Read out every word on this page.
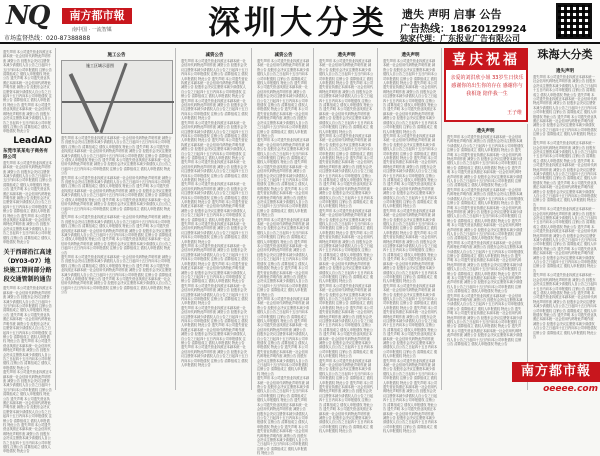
NQ	南方都市報
南中国 · 一流智媒
市场监督热线：020-87388888	深圳大分类 遗失 声明 启事 公告
广告热线：18620129924
独家代理：广东报业广告有限公司
遗失声明 本公司遗失营业执照正本副本统一社会信用代码特此声明作废 减资公告 经股东会决议注册资本减少请债权人自公告之日起四十五日内向本公司申报债权 注销公告 清算组成立 债权人申报债权 特此公告 遗失声明 本公司遗失营业执照正本副本统一社会信用代码特此声明作废 减资公告 经股东会决议注册资本减少请债权人自公告之日起四十五日内向本公司申报债权 注销公告 清算组成立 债权人申报债权 特此公告 遗失声明 本公司遗失营业执照正本副本统一社会信用代码特此声明作废 减资公告 经股东会决议注册资本减少请债权人自公告之日起四十五日内向本公司申报债权 注销公告 清算组成立 债权人申报债权 特此公告
LeadAD
东莞市某某电子商务有限公司
遗失声明 本公司遗失营业执照正本副本统一社会信用代码特此声明作废 减资公告 经股东会决议注册资本减少请债权人自公告之日起四十五日内向本公司申报债权 注销公告 清算组成立 债权人申报债权 特此公告 遗失声明 本公司遗失营业执照正本副本统一社会信用代码特此声明作废 减资公告 经股东会决议注册资本减少请债权人自公告之日起四十五日内向本公司申报债权 注销公告 清算组成立 债权人申报债权 特此公告 遗失声明 本公司遗失营业执照正本副本统一社会信用代码特此声明作废 减资公告 经股东会决议注册资本减少请债权人自公告之日起四十五日内向本公司申报债权 注销公告 清算组成立 债权人申报债权 特此公告
关于西部沿江高速（DY03-07）地块施工期间部分路段交通管制的通告
遗失声明 本公司遗失营业执照正本副本统一社会信用代码特此声明作废 减资公告 经股东会决议注册资本减少请债权人自公告之日起四十五日内向本公司申报债权 注销公告 清算组成立 债权人申报债权 特此公告 遗失声明 本公司遗失营业执照正本副本统一社会信用代码特此声明作废 减资公告 经股东会决议注册资本减少请债权人自公告之日起四十五日内向本公司申报债权 注销公告 清算组成立 债权人申报债权 特此公告 遗失声明 本公司遗失营业执照正本副本统一社会信用代码特此声明作废 减资公告 经股东会决议注册资本减少请债权人自公告之日起四十五日内向本公司申报债权 注销公告 清算组成立 债权人申报债权 特此公告
遗失声明 本公司遗失营业执照正本副本统一社会信用代码特此声明作废 减资公告 经股东会决议注册资本减少请债权人自公告之日起四十五日内向本公司申报债权 注销公告 清算组成立 债权人申报债权 特此公告 遗失声明 本公司遗失营业执照正本副本统一社会信用代码特此声明作废 减资公告 经股东会决议注册资本减少请债权人自公告之日起四十五日内向本公司申报债权 注销公告 清算组成立 债权人申报债权 特此公告 遗失声明 本公司遗失营业执照正本副本统一社会信用代码特此声明作废 减资公告 经股东会决议注册资本减少请债权人自公告之日起四十五日内向本公司申报债权 注销公告 清算组成立 债权人申报债权 特此公告
施工公告
施工区域示意图
遗失声明 本公司遗失营业执照正本副本统一社会信用代码特此声明作废 减资公告 经股东会决议注册资本减少请债权人自公告之日起四十五日内向本公司申报债权 注销公告 清算组成立 债权人申报债权 特此公告 遗失声明 本公司遗失营业执照正本副本统一社会信用代码特此声明作废 减资公告 经股东会决议注册资本减少请债权人自公告之日起四十五日内向本公司申报债权 注销公告 清算组成立 债权人申报债权 特此公告 遗失声明 本公司遗失营业执照正本副本统一社会信用代码特此声明作废 减资公告 经股东会决议注册资本减少请债权人自公告之日起四十五日内向本公司申报债权 注销公告 清算组成立 债权人申报债权 特此公告
遗失声明 本公司遗失营业执照正本副本统一社会信用代码特此声明作废 减资公告 经股东会决议注册资本减少请债权人自公告之日起四十五日内向本公司申报债权 注销公告 清算组成立 债权人申报债权 特此公告 遗失声明 本公司遗失营业执照正本副本统一社会信用代码特此声明作废 减资公告 经股东会决议注册资本减少请债权人自公告之日起四十五日内向本公司申报债权 注销公告 清算组成立 债权人申报债权 特此公告 遗失声明 本公司遗失营业执照正本副本统一社会信用代码特此声明作废 减资公告 经股东会决议注册资本减少请债权人自公告之日起四十五日内向本公司申报债权 注销公告 清算组成立 债权人申报债权 特此公告
遗失声明 本公司遗失营业执照正本副本统一社会信用代码特此声明作废 减资公告 经股东会决议注册资本减少请债权人自公告之日起四十五日内向本公司申报债权 注销公告 清算组成立 债权人申报债权 特此公告 遗失声明 本公司遗失营业执照正本副本统一社会信用代码特此声明作废 减资公告 经股东会决议注册资本减少请债权人自公告之日起四十五日内向本公司申报债权 注销公告 清算组成立 债权人申报债权 特此公告 遗失声明 本公司遗失营业执照正本副本统一社会信用代码特此声明作废 减资公告 经股东会决议注册资本减少请债权人自公告之日起四十五日内向本公司申报债权 注销公告 清算组成立 债权人申报债权 特此公告
遗失声明 本公司遗失营业执照正本副本统一社会信用代码特此声明作废 减资公告 经股东会决议注册资本减少请债权人自公告之日起四十五日内向本公司申报债权 注销公告 清算组成立 债权人申报债权 特此公告 遗失声明 本公司遗失营业执照正本副本统一社会信用代码特此声明作废 减资公告 经股东会决议注册资本减少请债权人自公告之日起四十五日内向本公司申报债权 注销公告 清算组成立 债权人申报债权 特此公告 遗失声明 本公司遗失营业执照正本副本统一社会信用代码特此声明作废 减资公告 经股东会决议注册资本减少请债权人自公告之日起四十五日内向本公司申报债权 注销公告 清算组成立 债权人申报债权 特此公告
减资公告
遗失声明 本公司遗失营业执照正本副本统一社会信用代码特此声明作废 减资公告 经股东会决议注册资本减少请债权人自公告之日起四十五日内向本公司申报债权 注销公告 清算组成立 债权人申报债权 特此公告 遗失声明 本公司遗失营业执照正本副本统一社会信用代码特此声明作废 减资公告 经股东会决议注册资本减少请债权人自公告之日起四十五日内向本公司申报债权 注销公告 清算组成立 债权人申报债权 特此公告 遗失声明 本公司遗失营业执照正本副本统一社会信用代码特此声明作废 减资公告 经股东会决议注册资本减少请债权人自公告之日起四十五日内向本公司申报债权 注销公告 清算组成立 债权人申报债权 特此公告
遗失声明 本公司遗失营业执照正本副本统一社会信用代码特此声明作废 减资公告 经股东会决议注册资本减少请债权人自公告之日起四十五日内向本公司申报债权 注销公告 清算组成立 债权人申报债权 特此公告 遗失声明 本公司遗失营业执照正本副本统一社会信用代码特此声明作废 减资公告 经股东会决议注册资本减少请债权人自公告之日起四十五日内向本公司申报债权 注销公告 清算组成立 债权人申报债权 特此公告 遗失声明 本公司遗失营业执照正本副本统一社会信用代码特此声明作废 减资公告 经股东会决议注册资本减少请债权人自公告之日起四十五日内向本公司申报债权 注销公告 清算组成立 债权人申报债权 特此公告
遗失声明 本公司遗失营业执照正本副本统一社会信用代码特此声明作废 减资公告 经股东会决议注册资本减少请债权人自公告之日起四十五日内向本公司申报债权 注销公告 清算组成立 债权人申报债权 特此公告 遗失声明 本公司遗失营业执照正本副本统一社会信用代码特此声明作废 减资公告 经股东会决议注册资本减少请债权人自公告之日起四十五日内向本公司申报债权 注销公告 清算组成立 债权人申报债权 特此公告 遗失声明 本公司遗失营业执照正本副本统一社会信用代码特此声明作废 减资公告 经股东会决议注册资本减少请债权人自公告之日起四十五日内向本公司申报债权 注销公告 清算组成立 债权人申报债权 特此公告
遗失声明 本公司遗失营业执照正本副本统一社会信用代码特此声明作废 减资公告 经股东会决议注册资本减少请债权人自公告之日起四十五日内向本公司申报债权 注销公告 清算组成立 债权人申报债权 特此公告 遗失声明 本公司遗失营业执照正本副本统一社会信用代码特此声明作废 减资公告 经股东会决议注册资本减少请债权人自公告之日起四十五日内向本公司申报债权 注销公告 清算组成立 债权人申报债权 特此公告 遗失声明 本公司遗失营业执照正本副本统一社会信用代码特此声明作废 减资公告 经股东会决议注册资本减少请债权人自公告之日起四十五日内向本公司申报债权 注销公告 清算组成立 债权人申报债权 特此公告
遗失声明 本公司遗失营业执照正本副本统一社会信用代码特此声明作废 减资公告 经股东会决议注册资本减少请债权人自公告之日起四十五日内向本公司申报债权 注销公告 清算组成立 债权人申报债权 特此公告 遗失声明 本公司遗失营业执照正本副本统一社会信用代码特此声明作废 减资公告 经股东会决议注册资本减少请债权人自公告之日起四十五日内向本公司申报债权 注销公告 清算组成立 债权人申报债权 特此公告 遗失声明 本公司遗失营业执照正本副本统一社会信用代码特此声明作废 减资公告 经股东会决议注册资本减少请债权人自公告之日起四十五日内向本公司申报债权 注销公告 清算组成立 债权人申报债权 特此公告
减资公告
遗失声明 本公司遗失营业执照正本副本统一社会信用代码特此声明作废 减资公告 经股东会决议注册资本减少请债权人自公告之日起四十五日内向本公司申报债权 注销公告 清算组成立 债权人申报债权 特此公告 遗失声明 本公司遗失营业执照正本副本统一社会信用代码特此声明作废 减资公告 经股东会决议注册资本减少请债权人自公告之日起四十五日内向本公司申报债权 注销公告 清算组成立 债权人申报债权 特此公告 遗失声明 本公司遗失营业执照正本副本统一社会信用代码特此声明作废 减资公告 经股东会决议注册资本减少请债权人自公告之日起四十五日内向本公司申报债权 注销公告 清算组成立 债权人申报债权 特此公告
遗失声明 本公司遗失营业执照正本副本统一社会信用代码特此声明作废 减资公告 经股东会决议注册资本减少请债权人自公告之日起四十五日内向本公司申报债权 注销公告 清算组成立 债权人申报债权 特此公告 遗失声明 本公司遗失营业执照正本副本统一社会信用代码特此声明作废 减资公告 经股东会决议注册资本减少请债权人自公告之日起四十五日内向本公司申报债权 注销公告 清算组成立 债权人申报债权 特此公告 遗失声明 本公司遗失营业执照正本副本统一社会信用代码特此声明作废 减资公告 经股东会决议注册资本减少请债权人自公告之日起四十五日内向本公司申报债权 注销公告 清算组成立 债权人申报债权 特此公告
遗失声明 本公司遗失营业执照正本副本统一社会信用代码特此声明作废 减资公告 经股东会决议注册资本减少请债权人自公告之日起四十五日内向本公司申报债权 注销公告 清算组成立 债权人申报债权 特此公告 遗失声明 本公司遗失营业执照正本副本统一社会信用代码特此声明作废 减资公告 经股东会决议注册资本减少请债权人自公告之日起四十五日内向本公司申报债权 注销公告 清算组成立 债权人申报债权 特此公告 遗失声明 本公司遗失营业执照正本副本统一社会信用代码特此声明作废 减资公告 经股东会决议注册资本减少请债权人自公告之日起四十五日内向本公司申报债权 注销公告 清算组成立 债权人申报债权 特此公告
遗失声明 本公司遗失营业执照正本副本统一社会信用代码特此声明作废 减资公告 经股东会决议注册资本减少请债权人自公告之日起四十五日内向本公司申报债权 注销公告 清算组成立 债权人申报债权 特此公告 遗失声明 本公司遗失营业执照正本副本统一社会信用代码特此声明作废 减资公告 经股东会决议注册资本减少请债权人自公告之日起四十五日内向本公司申报债权 注销公告 清算组成立 债权人申报债权 特此公告 遗失声明 本公司遗失营业执照正本副本统一社会信用代码特此声明作废 减资公告 经股东会决议注册资本减少请债权人自公告之日起四十五日内向本公司申报债权 注销公告 清算组成立 债权人申报债权 特此公告
遗失声明 本公司遗失营业执照正本副本统一社会信用代码特此声明作废 减资公告 经股东会决议注册资本减少请债权人自公告之日起四十五日内向本公司申报债权 注销公告 清算组成立 债权人申报债权 特此公告 遗失声明 本公司遗失营业执照正本副本统一社会信用代码特此声明作废 减资公告 经股东会决议注册资本减少请债权人自公告之日起四十五日内向本公司申报债权 注销公告 清算组成立 债权人申报债权 特此公告 遗失声明 本公司遗失营业执照正本副本统一社会信用代码特此声明作废 减资公告 经股东会决议注册资本减少请债权人自公告之日起四十五日内向本公司申报债权 注销公告 清算组成立 债权人申报债权 特此公告
遗失声明
遗失声明 本公司遗失营业执照正本副本统一社会信用代码特此声明作废 减资公告 经股东会决议注册资本减少请债权人自公告之日起四十五日内向本公司申报债权 注销公告 清算组成立 债权人申报债权 特此公告 遗失声明 本公司遗失营业执照正本副本统一社会信用代码特此声明作废 减资公告 经股东会决议注册资本减少请债权人自公告之日起四十五日内向本公司申报债权 注销公告 清算组成立 债权人申报债权 特此公告 遗失声明 本公司遗失营业执照正本副本统一社会信用代码特此声明作废 减资公告 经股东会决议注册资本减少请债权人自公告之日起四十五日内向本公司申报债权 注销公告 清算组成立 债权人申报债权 特此公告
遗失声明 本公司遗失营业执照正本副本统一社会信用代码特此声明作废 减资公告 经股东会决议注册资本减少请债权人自公告之日起四十五日内向本公司申报债权 注销公告 清算组成立 债权人申报债权 特此公告 遗失声明 本公司遗失营业执照正本副本统一社会信用代码特此声明作废 减资公告 经股东会决议注册资本减少请债权人自公告之日起四十五日内向本公司申报债权 注销公告 清算组成立 债权人申报债权 特此公告 遗失声明 本公司遗失营业执照正本副本统一社会信用代码特此声明作废 减资公告 经股东会决议注册资本减少请债权人自公告之日起四十五日内向本公司申报债权 注销公告 清算组成立 债权人申报债权 特此公告
遗失声明 本公司遗失营业执照正本副本统一社会信用代码特此声明作废 减资公告 经股东会决议注册资本减少请债权人自公告之日起四十五日内向本公司申报债权 注销公告 清算组成立 债权人申报债权 特此公告 遗失声明 本公司遗失营业执照正本副本统一社会信用代码特此声明作废 减资公告 经股东会决议注册资本减少请债权人自公告之日起四十五日内向本公司申报债权 注销公告 清算组成立 债权人申报债权 特此公告 遗失声明 本公司遗失营业执照正本副本统一社会信用代码特此声明作废 减资公告 经股东会决议注册资本减少请债权人自公告之日起四十五日内向本公司申报债权 注销公告 清算组成立 债权人申报债权 特此公告
遗失声明 本公司遗失营业执照正本副本统一社会信用代码特此声明作废 减资公告 经股东会决议注册资本减少请债权人自公告之日起四十五日内向本公司申报债权 注销公告 清算组成立 债权人申报债权 特此公告 遗失声明 本公司遗失营业执照正本副本统一社会信用代码特此声明作废 减资公告 经股东会决议注册资本减少请债权人自公告之日起四十五日内向本公司申报债权 注销公告 清算组成立 债权人申报债权 特此公告 遗失声明 本公司遗失营业执照正本副本统一社会信用代码特此声明作废 减资公告 经股东会决议注册资本减少请债权人自公告之日起四十五日内向本公司申报债权 注销公告 清算组成立 债权人申报债权 特此公告
遗失声明 本公司遗失营业执照正本副本统一社会信用代码特此声明作废 减资公告 经股东会决议注册资本减少请债权人自公告之日起四十五日内向本公司申报债权 注销公告 清算组成立 债权人申报债权 特此公告 遗失声明 本公司遗失营业执照正本副本统一社会信用代码特此声明作废 减资公告 经股东会决议注册资本减少请债权人自公告之日起四十五日内向本公司申报债权 注销公告 清算组成立 债权人申报债权 特此公告 遗失声明 本公司遗失营业执照正本副本统一社会信用代码特此声明作废 减资公告 经股东会决议注册资本减少请债权人自公告之日起四十五日内向本公司申报债权 注销公告 清算组成立 债权人申报债权 特此公告
遗失声明
遗失声明 本公司遗失营业执照正本副本统一社会信用代码特此声明作废 减资公告 经股东会决议注册资本减少请债权人自公告之日起四十五日内向本公司申报债权 注销公告 清算组成立 债权人申报债权 特此公告 遗失声明 本公司遗失营业执照正本副本统一社会信用代码特此声明作废 减资公告 经股东会决议注册资本减少请债权人自公告之日起四十五日内向本公司申报债权 注销公告 清算组成立 债权人申报债权 特此公告 遗失声明 本公司遗失营业执照正本副本统一社会信用代码特此声明作废 减资公告 经股东会决议注册资本减少请债权人自公告之日起四十五日内向本公司申报债权 注销公告 清算组成立 债权人申报债权 特此公告
遗失声明 本公司遗失营业执照正本副本统一社会信用代码特此声明作废 减资公告 经股东会决议注册资本减少请债权人自公告之日起四十五日内向本公司申报债权 注销公告 清算组成立 债权人申报债权 特此公告 遗失声明 本公司遗失营业执照正本副本统一社会信用代码特此声明作废 减资公告 经股东会决议注册资本减少请债权人自公告之日起四十五日内向本公司申报债权 注销公告 清算组成立 债权人申报债权 特此公告 遗失声明 本公司遗失营业执照正本副本统一社会信用代码特此声明作废 减资公告 经股东会决议注册资本减少请债权人自公告之日起四十五日内向本公司申报债权 注销公告 清算组成立 债权人申报债权 特此公告
遗失声明 本公司遗失营业执照正本副本统一社会信用代码特此声明作废 减资公告 经股东会决议注册资本减少请债权人自公告之日起四十五日内向本公司申报债权 注销公告 清算组成立 债权人申报债权 特此公告 遗失声明 本公司遗失营业执照正本副本统一社会信用代码特此声明作废 减资公告 经股东会决议注册资本减少请债权人自公告之日起四十五日内向本公司申报债权 注销公告 清算组成立 债权人申报债权 特此公告 遗失声明 本公司遗失营业执照正本副本统一社会信用代码特此声明作废 减资公告 经股东会决议注册资本减少请债权人自公告之日起四十五日内向本公司申报债权 注销公告 清算组成立 债权人申报债权 特此公告
遗失声明 本公司遗失营业执照正本副本统一社会信用代码特此声明作废 减资公告 经股东会决议注册资本减少请债权人自公告之日起四十五日内向本公司申报债权 注销公告 清算组成立 债权人申报债权 特此公告 遗失声明 本公司遗失营业执照正本副本统一社会信用代码特此声明作废 减资公告 经股东会决议注册资本减少请债权人自公告之日起四十五日内向本公司申报债权 注销公告 清算组成立 债权人申报债权 特此公告 遗失声明 本公司遗失营业执照正本副本统一社会信用代码特此声明作废 减资公告 经股东会决议注册资本减少请债权人自公告之日起四十五日内向本公司申报债权 注销公告 清算组成立 债权人申报债权 特此公告
遗失声明 本公司遗失营业执照正本副本统一社会信用代码特此声明作废 减资公告 经股东会决议注册资本减少请债权人自公告之日起四十五日内向本公司申报债权 注销公告 清算组成立 债权人申报债权 特此公告 遗失声明 本公司遗失营业执照正本副本统一社会信用代码特此声明作废 减资公告 经股东会决议注册资本减少请债权人自公告之日起四十五日内向本公司申报债权 注销公告 清算组成立 债权人申报债权 特此公告 遗失声明 本公司遗失营业执照正本副本统一社会信用代码特此声明作废 减资公告 经股东会决议注册资本减少请债权人自公告之日起四十五日内向本公司申报债权 注销公告 清算组成立 债权人申报债权 特此公告
遗失声明
遗失声明 本公司遗失营业执照正本副本统一社会信用代码特此声明作废 减资公告 经股东会决议注册资本减少请债权人自公告之日起四十五日内向本公司申报债权 注销公告 清算组成立 债权人申报债权 特此公告 遗失声明 本公司遗失营业执照正本副本统一社会信用代码特此声明作废 减资公告 经股东会决议注册资本减少请债权人自公告之日起四十五日内向本公司申报债权 注销公告 清算组成立 债权人申报债权 特此公告 遗失声明 本公司遗失营业执照正本副本统一社会信用代码特此声明作废 减资公告 经股东会决议注册资本减少请债权人自公告之日起四十五日内向本公司申报债权 注销公告 清算组成立 债权人申报债权 特此公告
遗失声明 本公司遗失营业执照正本副本统一社会信用代码特此声明作废 减资公告 经股东会决议注册资本减少请债权人自公告之日起四十五日内向本公司申报债权 注销公告 清算组成立 债权人申报债权 特此公告 遗失声明 本公司遗失营业执照正本副本统一社会信用代码特此声明作废 减资公告 经股东会决议注册资本减少请债权人自公告之日起四十五日内向本公司申报债权 注销公告 清算组成立 债权人申报债权 特此公告 遗失声明 本公司遗失营业执照正本副本统一社会信用代码特此声明作废 减资公告 经股东会决议注册资本减少请债权人自公告之日起四十五日内向本公司申报债权 注销公告 清算组成立 债权人申报债权 特此公告
遗失声明 本公司遗失营业执照正本副本统一社会信用代码特此声明作废 减资公告 经股东会决议注册资本减少请债权人自公告之日起四十五日内向本公司申报债权 注销公告 清算组成立 债权人申报债权 特此公告 遗失声明 本公司遗失营业执照正本副本统一社会信用代码特此声明作废 减资公告 经股东会决议注册资本减少请债权人自公告之日起四十五日内向本公司申报债权 注销公告 清算组成立 债权人申报债权 特此公告 遗失声明 本公司遗失营业执照正本副本统一社会信用代码特此声明作废 减资公告 经股东会决议注册资本减少请债权人自公告之日起四十五日内向本公司申报债权 注销公告 清算组成立 债权人申报债权 特此公告
遗失声明 本公司遗失营业执照正本副本统一社会信用代码特此声明作废 减资公告 经股东会决议注册资本减少请债权人自公告之日起四十五日内向本公司申报债权 注销公告 清算组成立 债权人申报债权 特此公告 遗失声明 本公司遗失营业执照正本副本统一社会信用代码特此声明作废 减资公告 经股东会决议注册资本减少请债权人自公告之日起四十五日内向本公司申报债权 注销公告 清算组成立 债权人申报债权 特此公告 遗失声明 本公司遗失营业执照正本副本统一社会信用代码特此声明作废 减资公告 经股东会决议注册资本减少请债权人自公告之日起四十五日内向本公司申报债权 注销公告 清算组成立 债权人申报债权 特此公告
遗失声明
遗失声明 本公司遗失营业执照正本副本统一社会信用代码特此声明作废 减资公告 经股东会决议注册资本减少请债权人自公告之日起四十五日内向本公司申报债权 注销公告 清算组成立 债权人申报债权 特此公告 遗失声明 本公司遗失营业执照正本副本统一社会信用代码特此声明作废 减资公告 经股东会决议注册资本减少请债权人自公告之日起四十五日内向本公司申报债权 注销公告 清算组成立 债权人申报债权 特此公告 遗失声明 本公司遗失营业执照正本副本统一社会信用代码特此声明作废 减资公告 经股东会决议注册资本减少请债权人自公告之日起四十五日内向本公司申报债权 注销公告 清算组成立 债权人申报债权 特此公告
遗失声明 本公司遗失营业执照正本副本统一社会信用代码特此声明作废 减资公告 经股东会决议注册资本减少请债权人自公告之日起四十五日内向本公司申报债权 注销公告 清算组成立 债权人申报债权 特此公告 遗失声明 本公司遗失营业执照正本副本统一社会信用代码特此声明作废 减资公告 经股东会决议注册资本减少请债权人自公告之日起四十五日内向本公司申报债权 注销公告 清算组成立 债权人申报债权 特此公告 遗失声明 本公司遗失营业执照正本副本统一社会信用代码特此声明作废 减资公告 经股东会决议注册资本减少请债权人自公告之日起四十五日内向本公司申报债权 注销公告 清算组成立 债权人申报债权 特此公告
遗失声明 本公司遗失营业执照正本副本统一社会信用代码特此声明作废 减资公告 经股东会决议注册资本减少请债权人自公告之日起四十五日内向本公司申报债权 注销公告 清算组成立 债权人申报债权 特此公告 遗失声明 本公司遗失营业执照正本副本统一社会信用代码特此声明作废 减资公告 经股东会决议注册资本减少请债权人自公告之日起四十五日内向本公司申报债权 注销公告 清算组成立 债权人申报债权 特此公告 遗失声明 本公司遗失营业执照正本副本统一社会信用代码特此声明作废 减资公告 经股东会决议注册资本减少请债权人自公告之日起四十五日内向本公司申报债权 注销公告 清算组成立 债权人申报债权 特此公告
遗失声明 本公司遗失营业执照正本副本统一社会信用代码特此声明作废 减资公告 经股东会决议注册资本减少请债权人自公告之日起四十五日内向本公司申报债权 注销公告 清算组成立 债权人申报债权 特此公告 遗失声明 本公司遗失营业执照正本副本统一社会信用代码特此声明作废 减资公告 经股东会决议注册资本减少请债权人自公告之日起四十五日内向本公司申报债权 注销公告 清算组成立 债权人申报债权 特此公告 遗失声明 本公司遗失营业执照正本副本统一社会信用代码特此声明作废 减资公告 经股东会决议注册资本减少请债权人自公告之日起四十五日内向本公司申报债权 注销公告 清算组成立 债权人申报债权 特此公告
喜庆祝福
亲爱的刘洪欣小姐 33岁生日快乐 感谢你的出生你的存在 感谢你与我相逢 陪伴我一生
王子维
珠海大分类
南方都市報
oeeee.com
